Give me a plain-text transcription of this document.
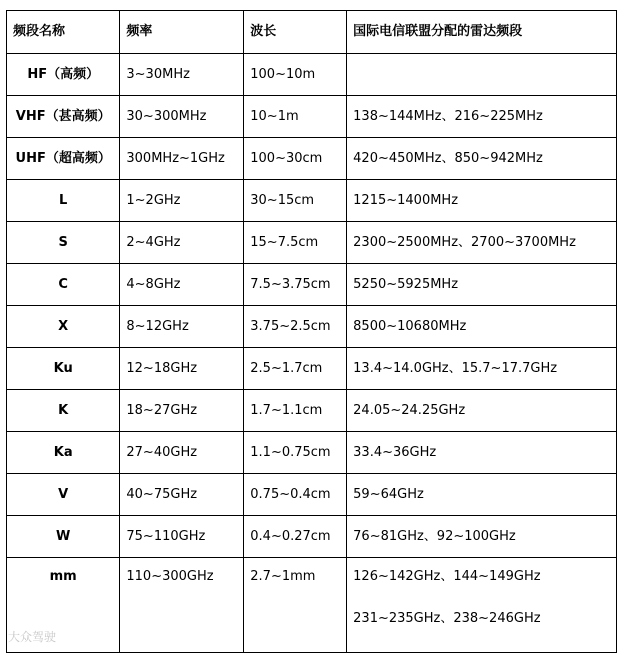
频段名称	频率	波长	国际电信联盟分配的雷达频段
HF（高频）	3~30MHz	100~10m	
VHF（甚高频）	30~300MHz	10~1m	138~144MHz、216~225MHz
UHF（超高频）	300MHz~1GHz	100~30cm	420~450MHz、850~942MHz
L	1~2GHz	30~15cm	1215~1400MHz
S	2~4GHz	15~7.5cm	2300~2500MHz、2700~3700MHz
C	4~8GHz	7.5~3.75cm	5250~5925MHz
X	8~12GHz	3.75~2.5cm	8500~10680MHz
Ku	12~18GHz	2.5~1.7cm	13.4~14.0GHz、15.7~17.7GHz
K	18~27GHz	1.7~1.1cm	24.05~24.25GHz
Ka	27~40GHz	1.1~0.75cm	33.4~36GHz
V	40~75GHz	0.75~0.4cm	59~64GHz
W	75~110GHz	0.4~0.27cm	76~81GHz、92~100GHz
mm	110~300GHz	2.7~1mm	126~142GHz、144~149GHz
231~235GHz、238~246GHz
大众驾驶
